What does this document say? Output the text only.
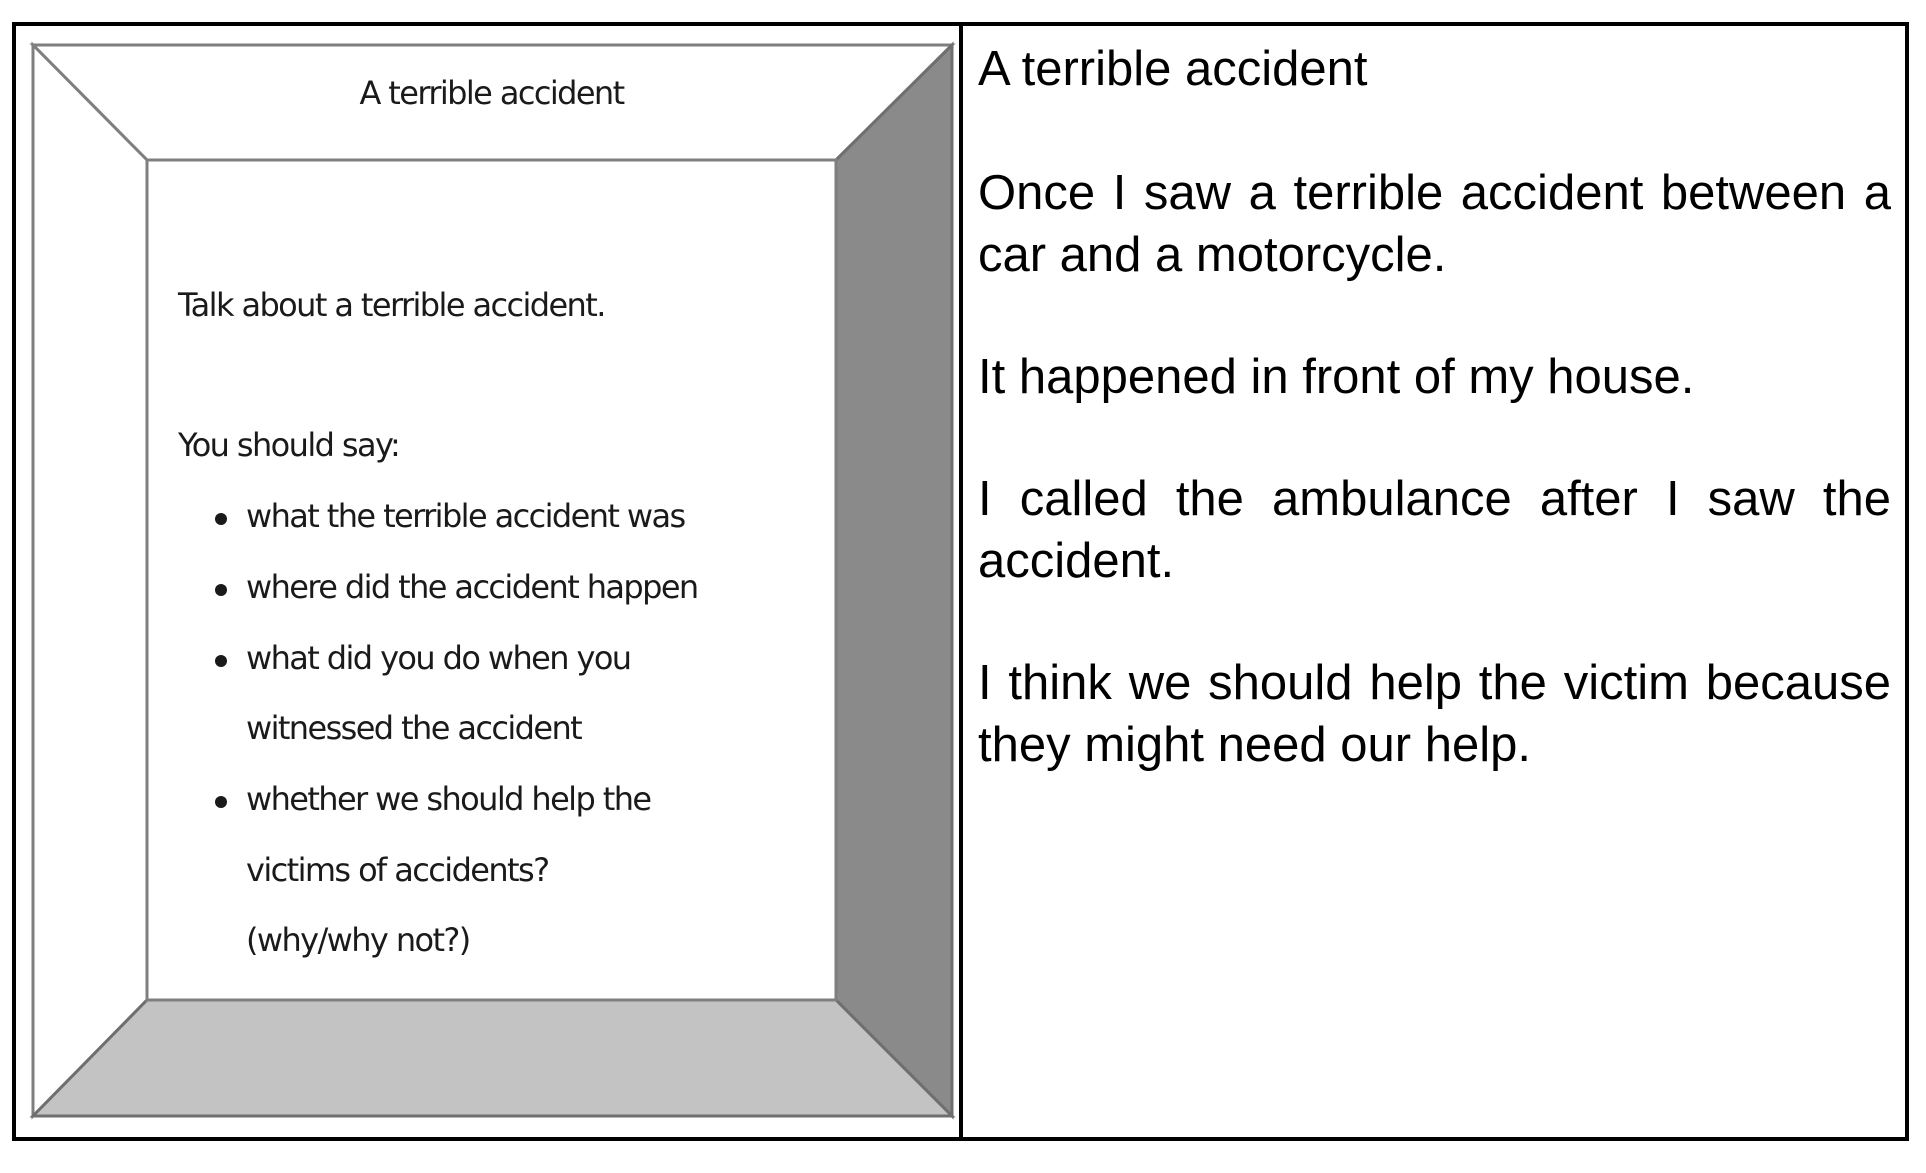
A terrible accident
Talk about a terrible accident.
You should say:
what the terrible accident was
where did the accident happen
what did you do when you
witnessed the accident
whether we should help the
victims of accidents?
(why/why not?)

A terrible accident

Once I saw a terrible accident between a car and a motorcycle.

It happened in front of my house.

I called the ambulance after I saw the accident.

I think we should help the victim because they might need our help.
